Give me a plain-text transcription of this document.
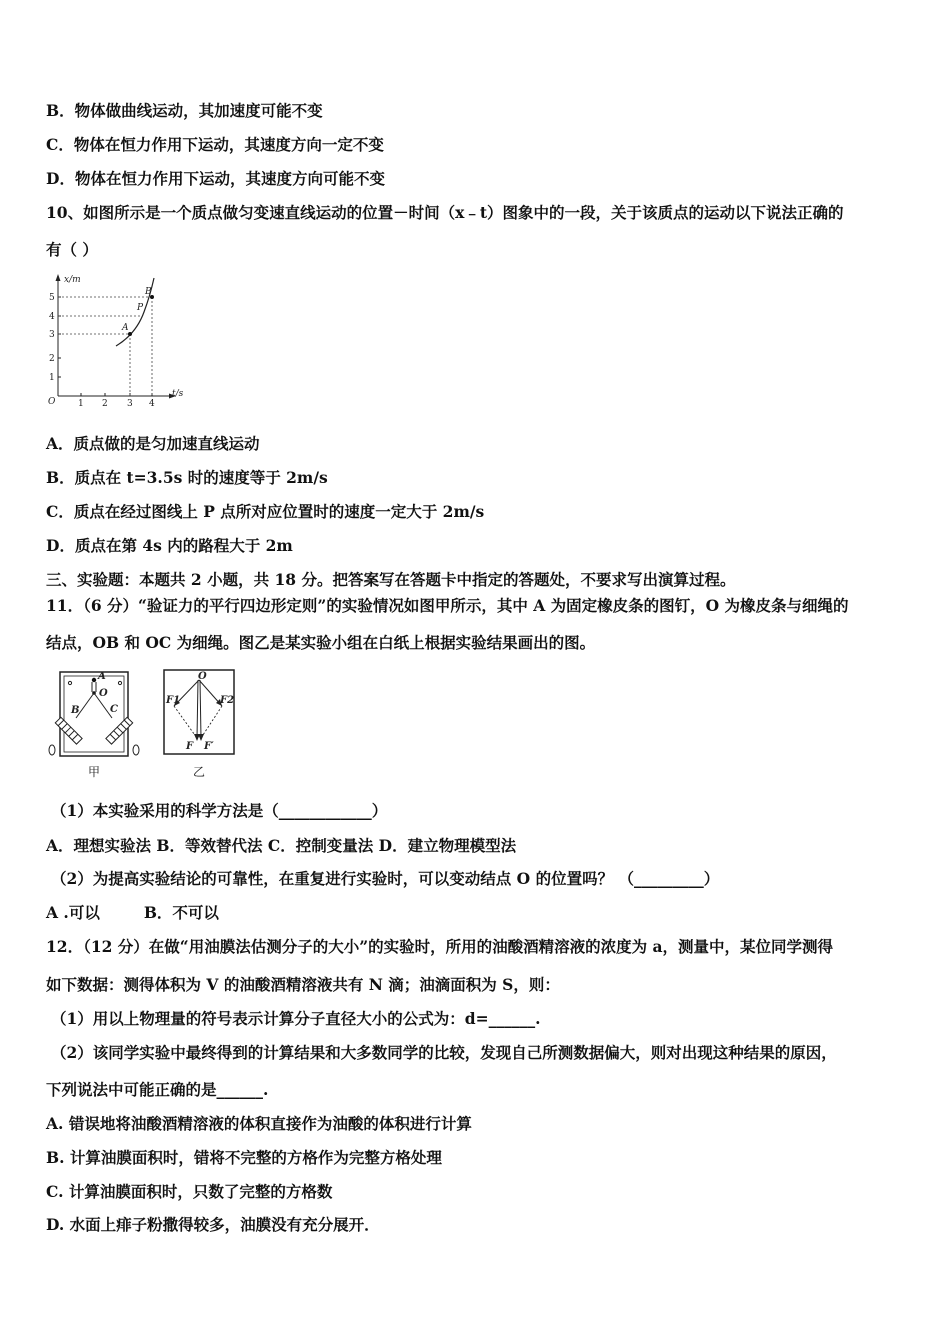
B．物体做曲线运动，其加速度可能不变
C．物体在恒力作用下运动，其速度方向一定不变
D．物体在恒力作用下运动，其速度方向可能不变
10、如图所示是一个质点做匀变速直线运动的位置－时间（x﹣t）图象中的一段，关于该质点的运动以下说法正确的
有（ ）
x/m
t/s
O
A
P
B
1
2
3
4
5
1 2 3 4
A．质点做的是匀加速直线运动
B．质点在 t=3.5s 时的速度等于 2m/s
C．质点在经过图线上 P 点所对应位置时的速度一定大于 2m/s
D．质点在第 4s 内的路程大于 2m
三、实验题：本题共 2 小题，共 18 分。把答案写在答题卡中指定的答题处，不要求写出演算过程。
11．（6 分）“验证力的平行四边形定则”的实验情况如图甲所示，其中 A 为固定橡皮条的图钉，O 为橡皮条与细绳的
结点，OB 和 OC 为细绳。图乙是某实验小组在白纸上根据实验结果画出的图。
A
O
B	C
甲
O
F1	F2
F F′
乙
（1）本实验采用的科学方法是（____________）
A．理想实验法 B．等效替代法 C．控制变量法 D．建立物理模型法
（2）为提高实验结论的可靠性，在重复进行实验时，可以变动结点 O 的位置吗？ （_________）
A .可以	B．不可以
12．（12 分）在做“用油膜法估测分子的大小”的实验时，所用的油酸酒精溶液的浓度为 a，测量中，某位同学测得
如下数据：测得体积为 V 的油酸酒精溶液共有 N 滴；油滴面积为 S，则：
（1）用以上物理量的符号表示计算分子直径大小的公式为：d=______.
（2）该同学实验中最终得到的计算结果和大多数同学的比较，发现自己所测数据偏大，则对出现这种结果的原因，
下列说法中可能正确的是______.
A. 错误地将油酸酒精溶液的体积直接作为油酸的体积进行计算
B. 计算油膜面积时，错将不完整的方格作为完整方格处理
C. 计算油膜面积时，只数了完整的方格数
D. 水面上痱子粉撒得较多，油膜没有充分展开．
